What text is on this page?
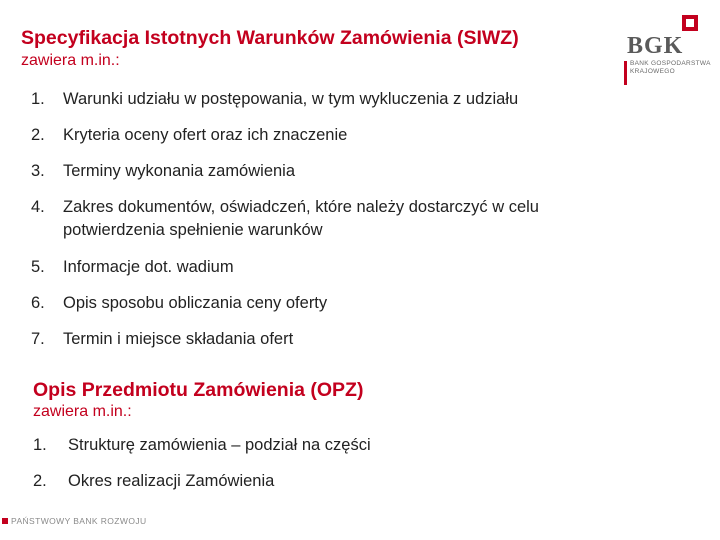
Specyfikacja Istotnych Warunków Zamówienia (SIWZ)
zawiera m.in.:
1.	Warunki udziału w postępowania, w tym wykluczenia z udziału
2.	Kryteria oceny ofert oraz ich znaczenie
3.	Terminy wykonania zamówienia
4.	Zakres dokumentów, oświadczeń, które należy dostarczyć w celu potwierdzenia spełnienie warunków
5.	Informacje dot. wadium
6.	Opis sposobu obliczania ceny oferty
7.	Termin i miejsce składania ofert
Opis Przedmiotu Zamówienia (OPZ)
zawiera m.in.:
1.	Strukturę zamówienia – podział na części
2.	Okres realizacji Zamówienia
BGK
BANK GOSPODARSTWA
KRAJOWEGO
PAŃSTWOWY BANK ROZWOJU
